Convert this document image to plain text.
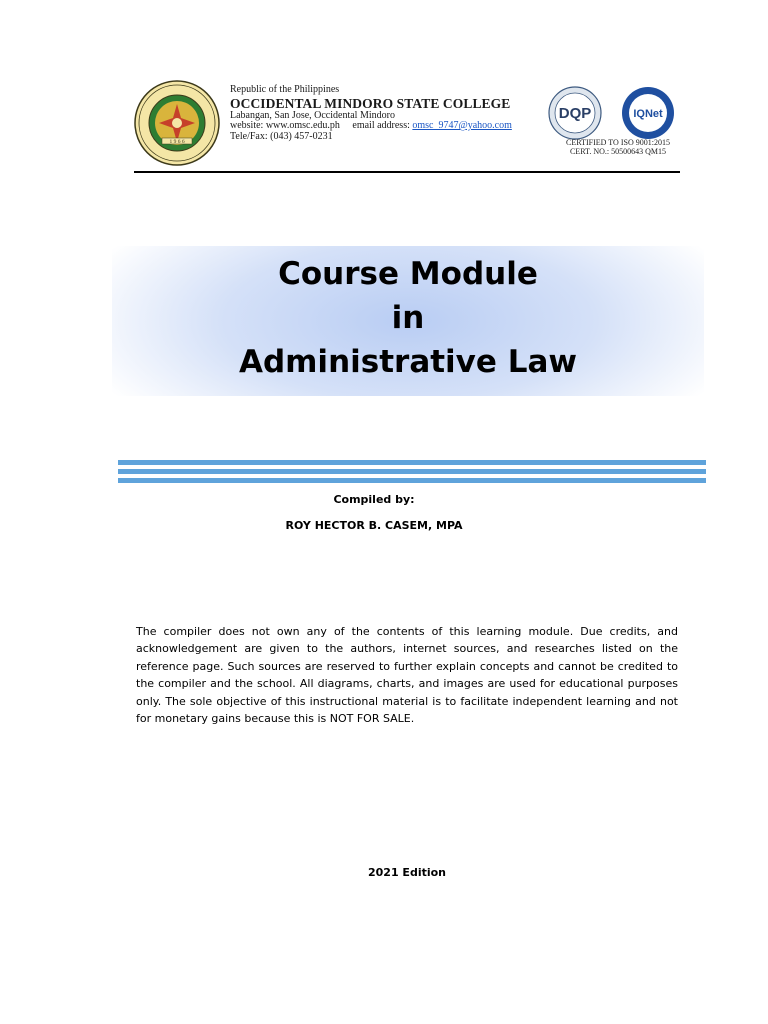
1 9 6 6
Republic of the Philippines
OCCIDENTAL MINDORO STATE COLLEGE
Labangan, San Jose, Occidental Mindoro
website: www.omsc.edu.ph email address: omsc_9747@yahoo.com
Tele/Fax: (043) 457-0231
DQP	IQNet
CERTIFIED TO ISO 9001:2015
CERT. NO.: 50500643 QM15
Course Module
in
Administrative Law
Compiled by:
ROY HECTOR B. CASEM, MPA

The compiler does not own any of the contents of this learning module. Due credits, and acknowledgement are given to the authors, internet sources, and researches listed on the reference page. Such sources are reserved to further explain concepts and cannot be credited to the compiler and the school. All diagrams, charts, and images are used for educational purposes only. The sole objective of this instructional material is to facilitate independent learning and not for monetary gains because this is NOT FOR SALE.

2021 Edition
